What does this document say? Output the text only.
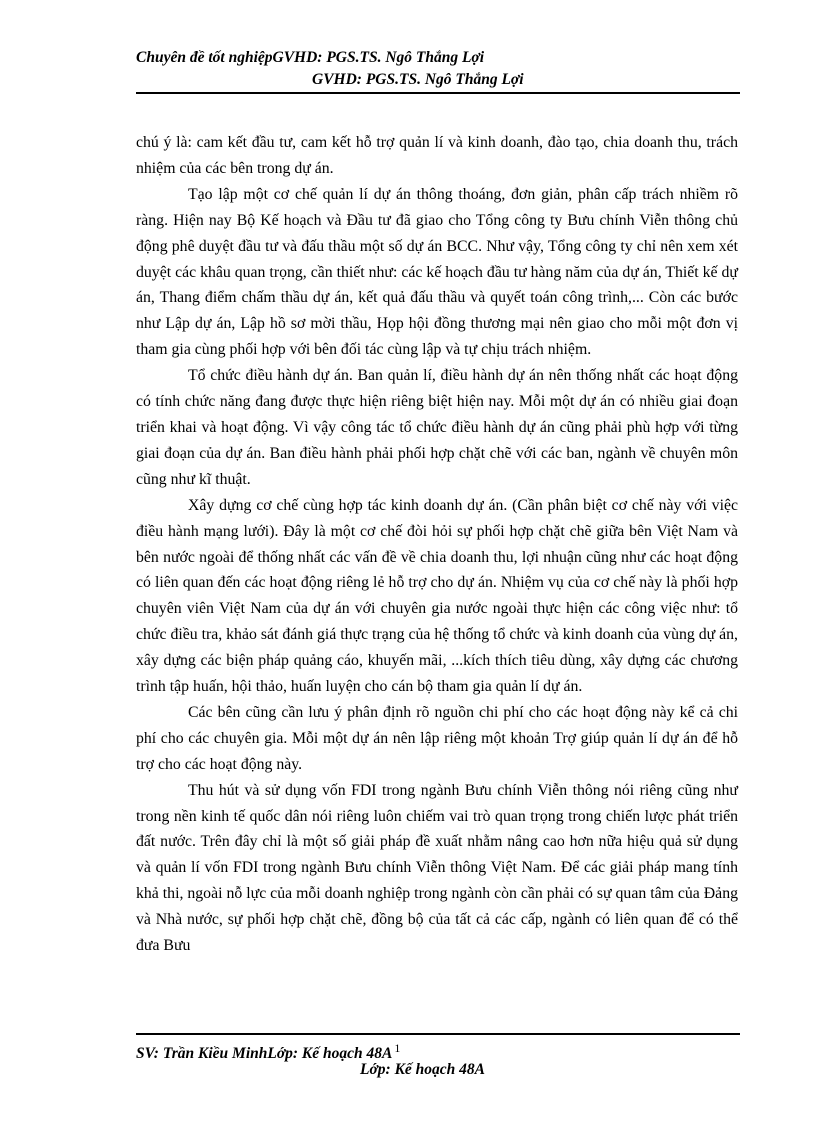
Chuyên đề tốt nghiệpGVHD: PGS.TS. Ngô Thắng Lợi
GVHD: PGS.TS. Ngô Thắng Lợi

chú ý là: cam kết đầu tư, cam kết hỗ trợ quản lí và kinh doanh, đào tạo, chia doanh thu, trách nhiệm của các bên trong dự án.

Tạo lập một cơ chế quản lí dự án thông thoáng, đơn giản, phân cấp trách nhiềm rõ ràng. Hiện nay Bộ Kế hoạch và Đầu tư đã giao cho Tổng công ty Bưu chính Viễn thông chủ động phê duyệt đầu tư và đấu thầu một số dự án BCC. Như vậy, Tổng công ty chỉ nên xem xét duyệt các khâu quan trọng, cần thiết như: các kế hoạch đầu tư hàng năm của dự án, Thiết kế dự án, Thang điểm chấm thầu dự án, kết quả đấu thầu và quyết toán công trình,... Còn các bước như Lập dự án, Lập hồ sơ mời thầu, Họp hội đồng thương mại nên giao cho mỗi một đơn vị tham gia cùng phối hợp với bên đối tác cùng lập và tự chịu trách nhiệm.

Tổ chức điều hành dự án. Ban quản lí, điều hành dự án nên thống nhất các hoạt động có tính chức năng đang được thực hiện riêng biệt hiện nay. Mỗi một dự án có nhiều giai đoạn triển khai và hoạt động. Vì vậy công tác tổ chức điều hành dự án cũng phải phù hợp với từng giai đoạn của dự án. Ban điều hành phải phối hợp chặt chẽ với các ban, ngành về chuyên môn cũng như kĩ thuật.

Xây dựng cơ chế cùng hợp tác kinh doanh dự án. (Cần phân biệt cơ chế này với việc điều hành mạng lưới). Đây là một cơ chế đòi hỏi sự phối hợp chặt chẽ giữa bên Việt Nam và bên nước ngoài để thống nhất các vấn đề về chia doanh thu, lợi nhuận cũng như các hoạt động có liên quan đến các hoạt động riêng lẻ hỗ trợ cho dự án. Nhiệm vụ của cơ chế này là phối hợp chuyên viên Việt Nam của dự án với chuyên gia nước ngoài thực hiện các công việc như: tổ chức điều tra, khảo sát đánh giá thực trạng của hệ thống tổ chức và kinh doanh của vùng dự án, xây dựng các biện pháp quảng cáo, khuyến mãi, ...kích thích tiêu dùng, xây dựng các chương trình tập huấn, hội thảo, huấn luyện cho cán bộ tham gia quản lí dự án.

Các bên cũng cần lưu ý phân định rõ nguồn chi phí cho các hoạt động này kể cả chi phí cho các chuyên gia. Mỗi một dự án nên lập riêng một khoản Trợ giúp quản lí dự án để hỗ trợ cho các hoạt động này.

Thu hút và sử dụng vốn FDI trong ngành Bưu chính Viễn thông nói riêng cũng như trong nền kinh tế quốc dân nói riêng luôn chiếm vai trò quan trọng trong chiến lược phát triển đất nước. Trên đây chỉ là một số giải pháp đề xuất nhằm nâng cao hơn nữa hiệu quả sử dụng và quản lí vốn FDI trong ngành Bưu chính Viễn thông Việt Nam. Để các giải pháp mang tính khả thi, ngoài nỗ lực của mỗi doanh nghiệp trong ngành còn cần phải có sự quan tâm của Đảng và Nhà nước, sự phối hợp chặt chẽ, đồng bộ của tất cả các cấp, ngành có liên quan để có thể đưa Bưu

SV: Trần Kiều MinhLớp: Kế hoạch 48A $^1$
Lớp: Kế hoạch 48A
